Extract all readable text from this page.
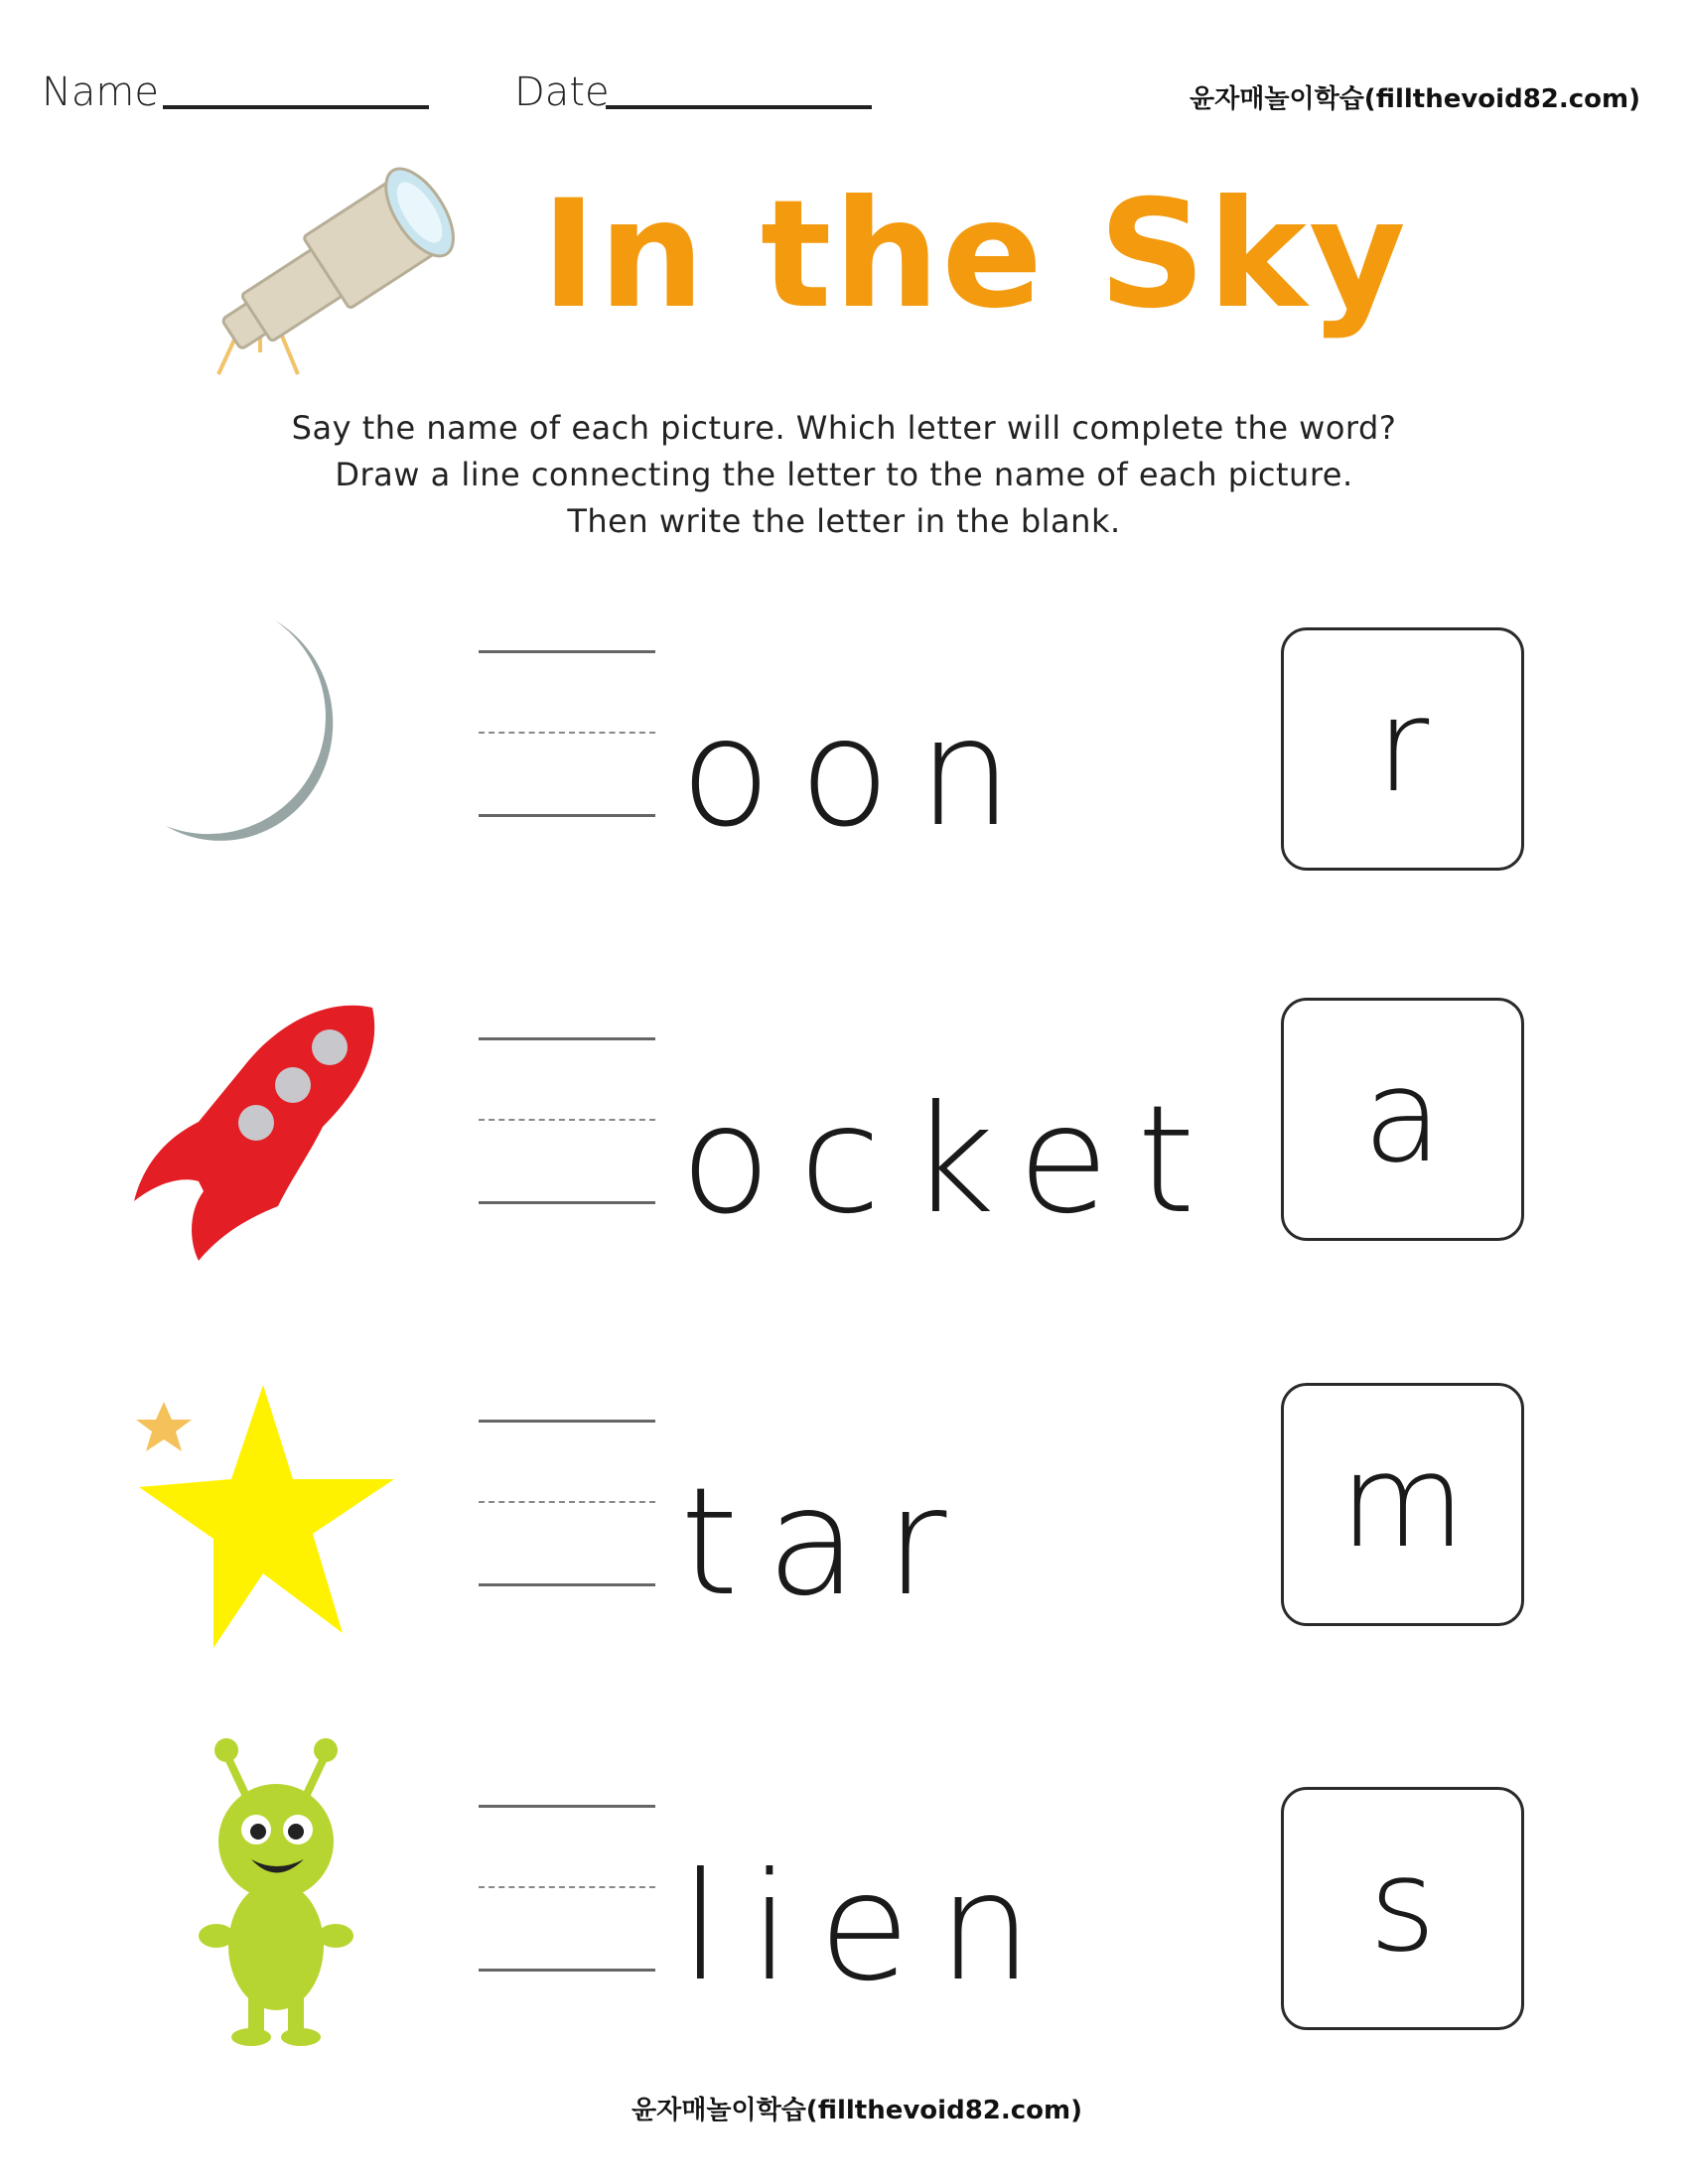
Name	Date	윤자매놀이학습(fillthevoid82.com)
In the Sky
Say the name of each picture. Which letter will complete the word?
Draw a line connecting the letter to the name of each picture.
Then write the letter in the blank.
oon	r
ocket a
tar	m
lien s
윤자매놀이학습(fillthevoid82.com)
